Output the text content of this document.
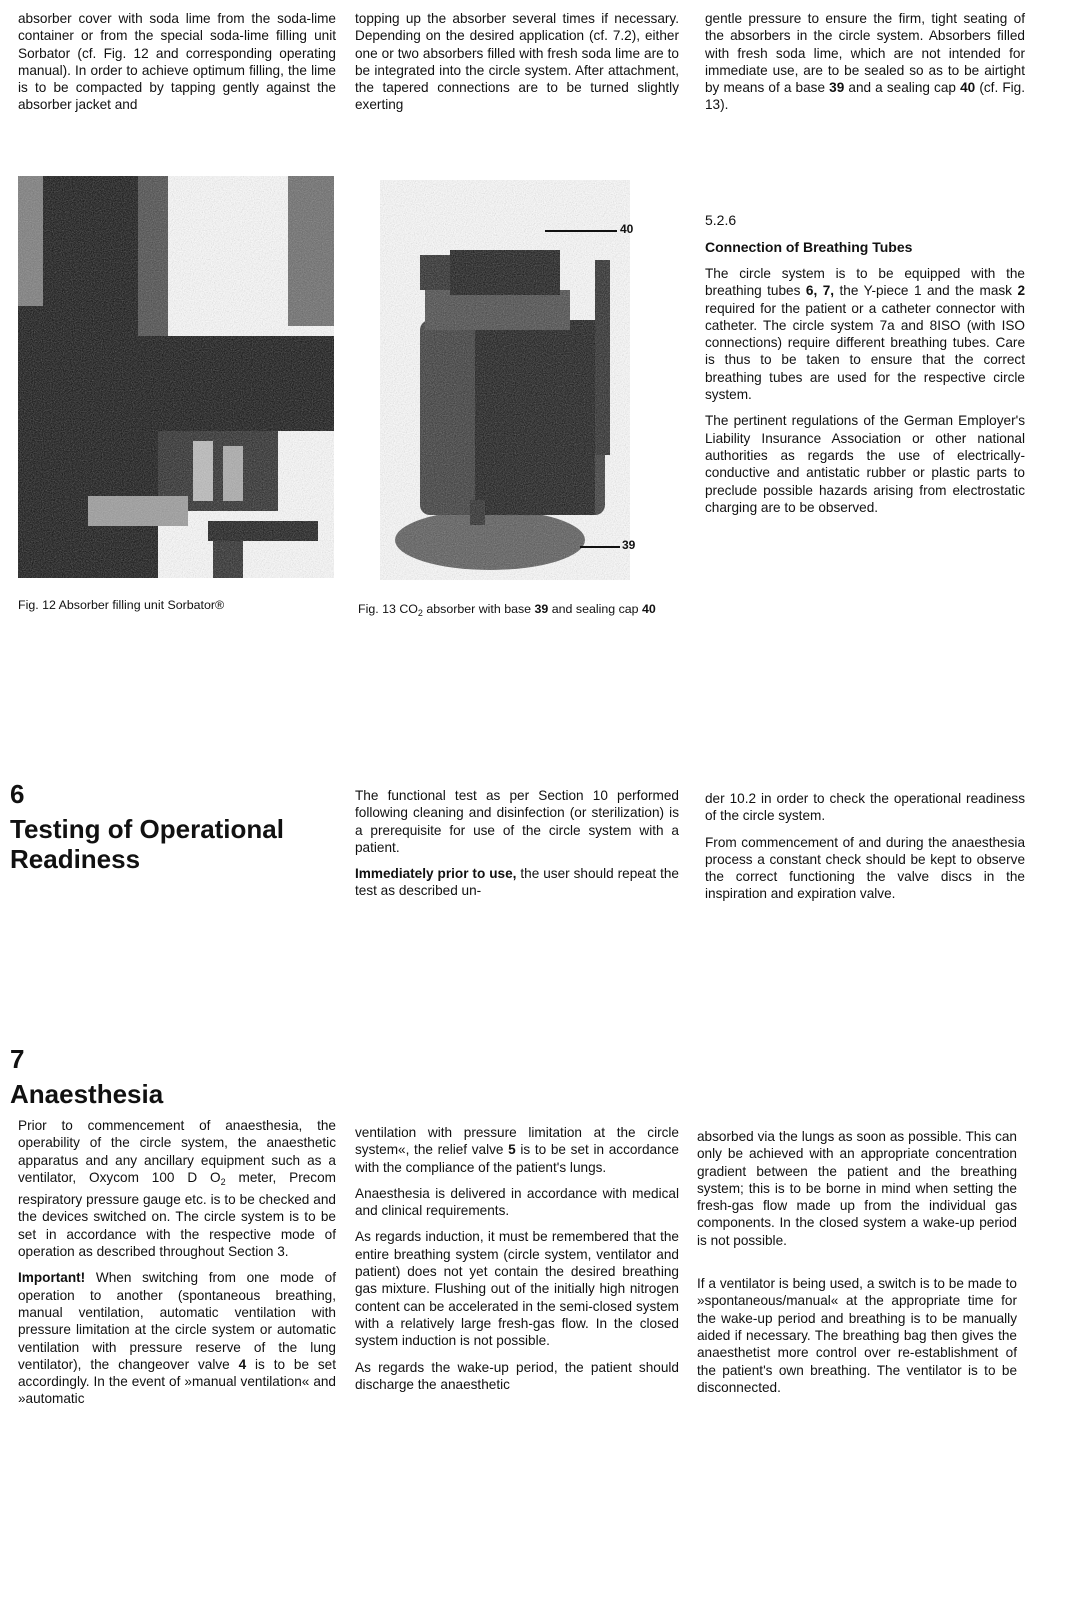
absorber cover with soda lime from the soda-lime container or from the special soda-lime filling unit Sorbator (cf. Fig. 12 and corresponding operating manual). In order to achieve optimum filling, the lime is to be compacted by tapping gently against the absorber jacket and

topping up the absorber several times if necessary. Depending on the desired application (cf. 7.2), either one or two absorbers filled with fresh soda lime are to be integrated into the circle system. After attachment, the tapered connections are to be turned slightly exerting

gentle pressure to ensure the firm, tight seating of the absorbers in the circle system. Absorbers filled with fresh soda lime, which are not intended for immediate use, are to be sealed so as to be airtight by means of a base 39 and a sealing cap 40 (cf. Fig. 13).

Fig. 12 Absorber filling unit Sorbator®
40
39
Fig. 13 $CO_2$ absorber with base 39 and sealing cap 40

5.2.6

Connection of Breathing Tubes

The circle system is to be equipped with the breathing tubes 6, 7, the Y-piece 1 and the mask 2 required for the patient or a catheter connector with catheter. The circle system 7a and 8ISO (with ISO connections) require different breathing tubes. Care is thus to be taken to ensure that the correct breathing tubes are used for the respective circle system.

The pertinent regulations of the German Employer's Liability Insurance Association or other national authorities as regards the use of electrically-conductive and antistatic rubber or plastic parts to preclude possible hazards arising from electrostatic charging are to be observed.

6
Testing of Operational Readiness

The functional test as per Section 10 performed following cleaning and disinfection (or sterilization) is a prerequisite for use of the circle system with a patient.

Immediately prior to use, the user should repeat the test as described un-

der 10.2 in order to check the operational readiness of the circle system.

From commencement of and during the anaesthesia process a constant check should be kept to observe the correct functioning the valve discs in the inspiration and expiration valve.

7
Anaesthesia

Prior to commencement of anaesthesia, the operability of the circle system, the anaesthetic apparatus and any ancillary equipment such as a ventilator, Oxycom 100 D $O_2$ meter, Precom respiratory pressure gauge etc. is to be checked and the devices switched on. The circle system is to be set in accordance with the respective mode of operation as described throughout Section 3.

Important! When switching from one mode of operation to another (spontaneous breathing, manual ventilation, automatic ventilation with pressure limitation at the circle system or automatic ventilation with pressure reserve of the lung ventilator), the changeover valve 4 is to be set accordingly. In the event of »manual ventilation« and »automatic

ventilation with pressure limitation at the circle system«, the relief valve 5 is to be set in accordance with the compliance of the patient's lungs.

Anaesthesia is delivered in accordance with medical and clinical requirements.

As regards induction, it must be remembered that the entire breathing system (circle system, ventilator and patient) does not yet contain the desired breathing gas mixture. Flushing out of the initially high nitrogen content can be accelerated in the semi-closed system with a relatively large fresh-gas flow. In the closed system induction is not possible.

As regards the wake-up period, the patient should discharge the anaesthetic

absorbed via the lungs as soon as possible. This can only be achieved with an appropriate concentration gradient between the patient and the breathing system; this is to be borne in mind when setting the fresh-gas flow made up from the individual gas components. In the closed system a wake-up period is not possible.

If a ventilator is being used, a switch is to be made to »spontaneous/manual« at the appropriate time for the wake-up period and breathing is to be manually aided if necessary. The breathing bag then gives the anaesthetist more control over re-establishment of the patient's own breathing. The ventilator is to be disconnected.
